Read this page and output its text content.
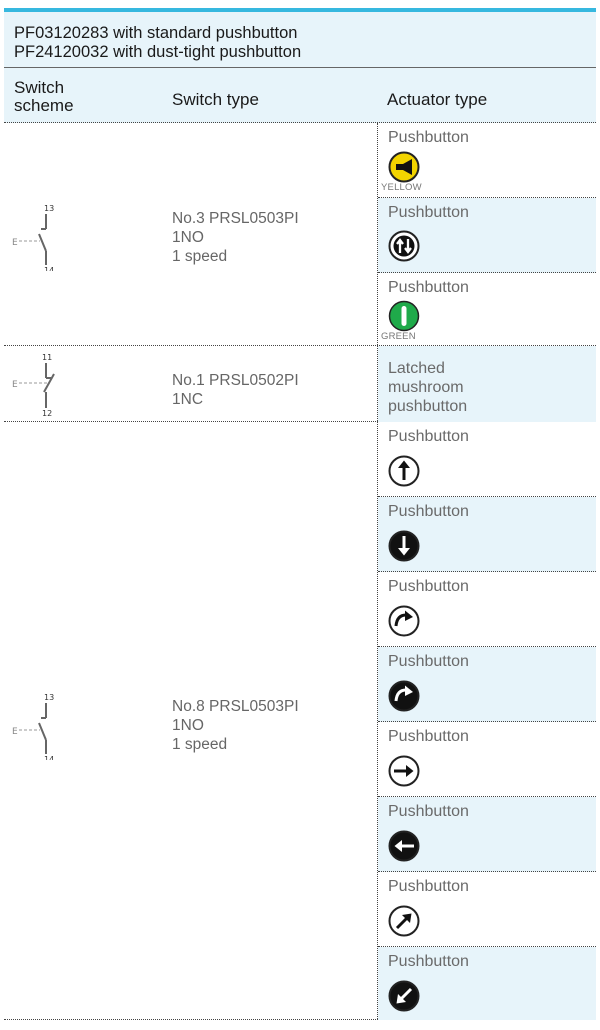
PF03120283 with standard pushbutton
PF24120032 with dust-tight pushbutton
Switch
scheme	Switch type	Actuator type
13
E
14
No.3 PRSL0503PI
1NO
1 speed
Pushbutton
YELLOW
Pushbutton
Pushbutton
GREEN
11
E
12
No.1 PRSL0502PI
1NC
Latched
mushroom
pushbutton
13
E
14
No.8 PRSL0503PI
1NO
1 speed
Pushbutton
Pushbutton
Pushbutton
Pushbutton
Pushbutton
Pushbutton
Pushbutton
Pushbutton
